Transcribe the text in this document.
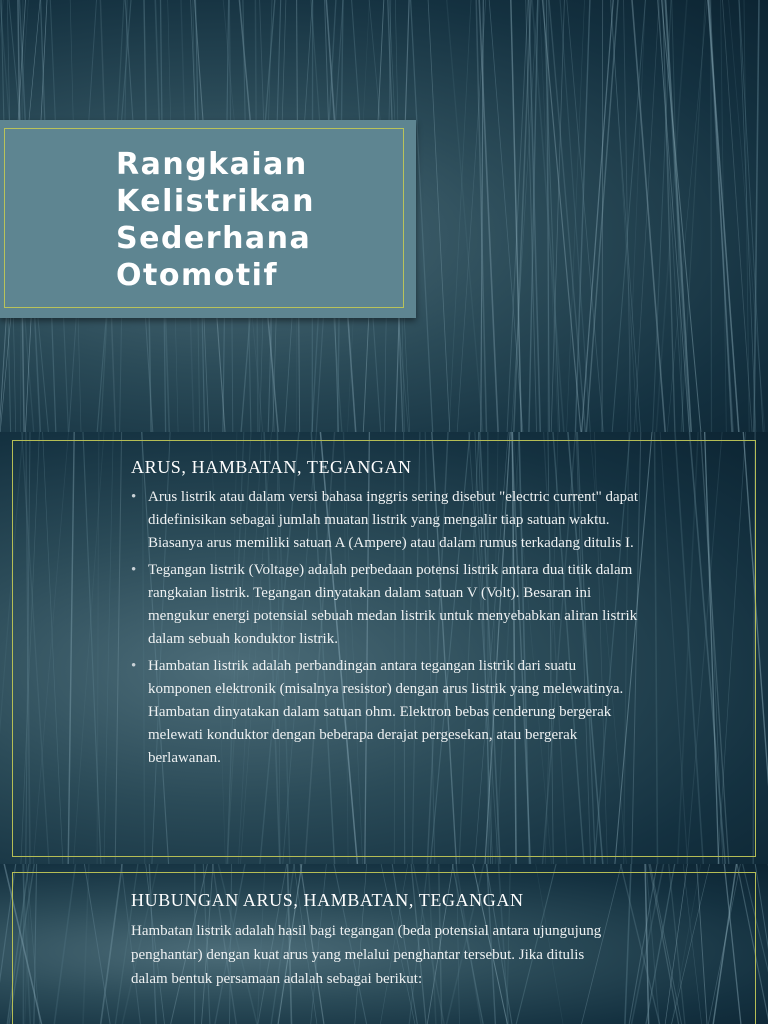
Rangkaian Kelistrikan Sederhana Otomotif
ARUS, HAMBATAN, TEGANGAN
• Arus listrik atau dalam versi bahasa inggris sering disebut "electric current" dapat didefinisikan sebagai jumlah muatan listrik yang mengalir tiap satuan waktu. Biasanya arus memiliki satuan A (Ampere) atau dalam rumus terkadang ditulis I.
• Tegangan listrik (Voltage) adalah perbedaan potensi listrik antara dua titik dalam rangkaian listrik. Tegangan dinyatakan dalam satuan V (Volt). Besaran ini mengukur energi potensial sebuah medan listrik untuk menyebabkan aliran listrik dalam sebuah konduktor listrik.
• Hambatan listrik adalah perbandingan antara tegangan listrik dari suatu komponen elektronik (misalnya resistor) dengan arus listrik yang melewatinya. Hambatan dinyatakan dalam satuan ohm. Elektron bebas cenderung bergerak melewati konduktor dengan beberapa derajat pergesekan, atau bergerak berlawanan.
HUBUNGAN ARUS, HAMBATAN, TEGANGAN

Hambatan listrik adalah hasil bagi tegangan (beda potensial antara ujungujung penghantar) dengan kuat arus yang melalui penghantar tersebut. Jika ditulis dalam bentuk persamaan adalah sebagai berikut:
